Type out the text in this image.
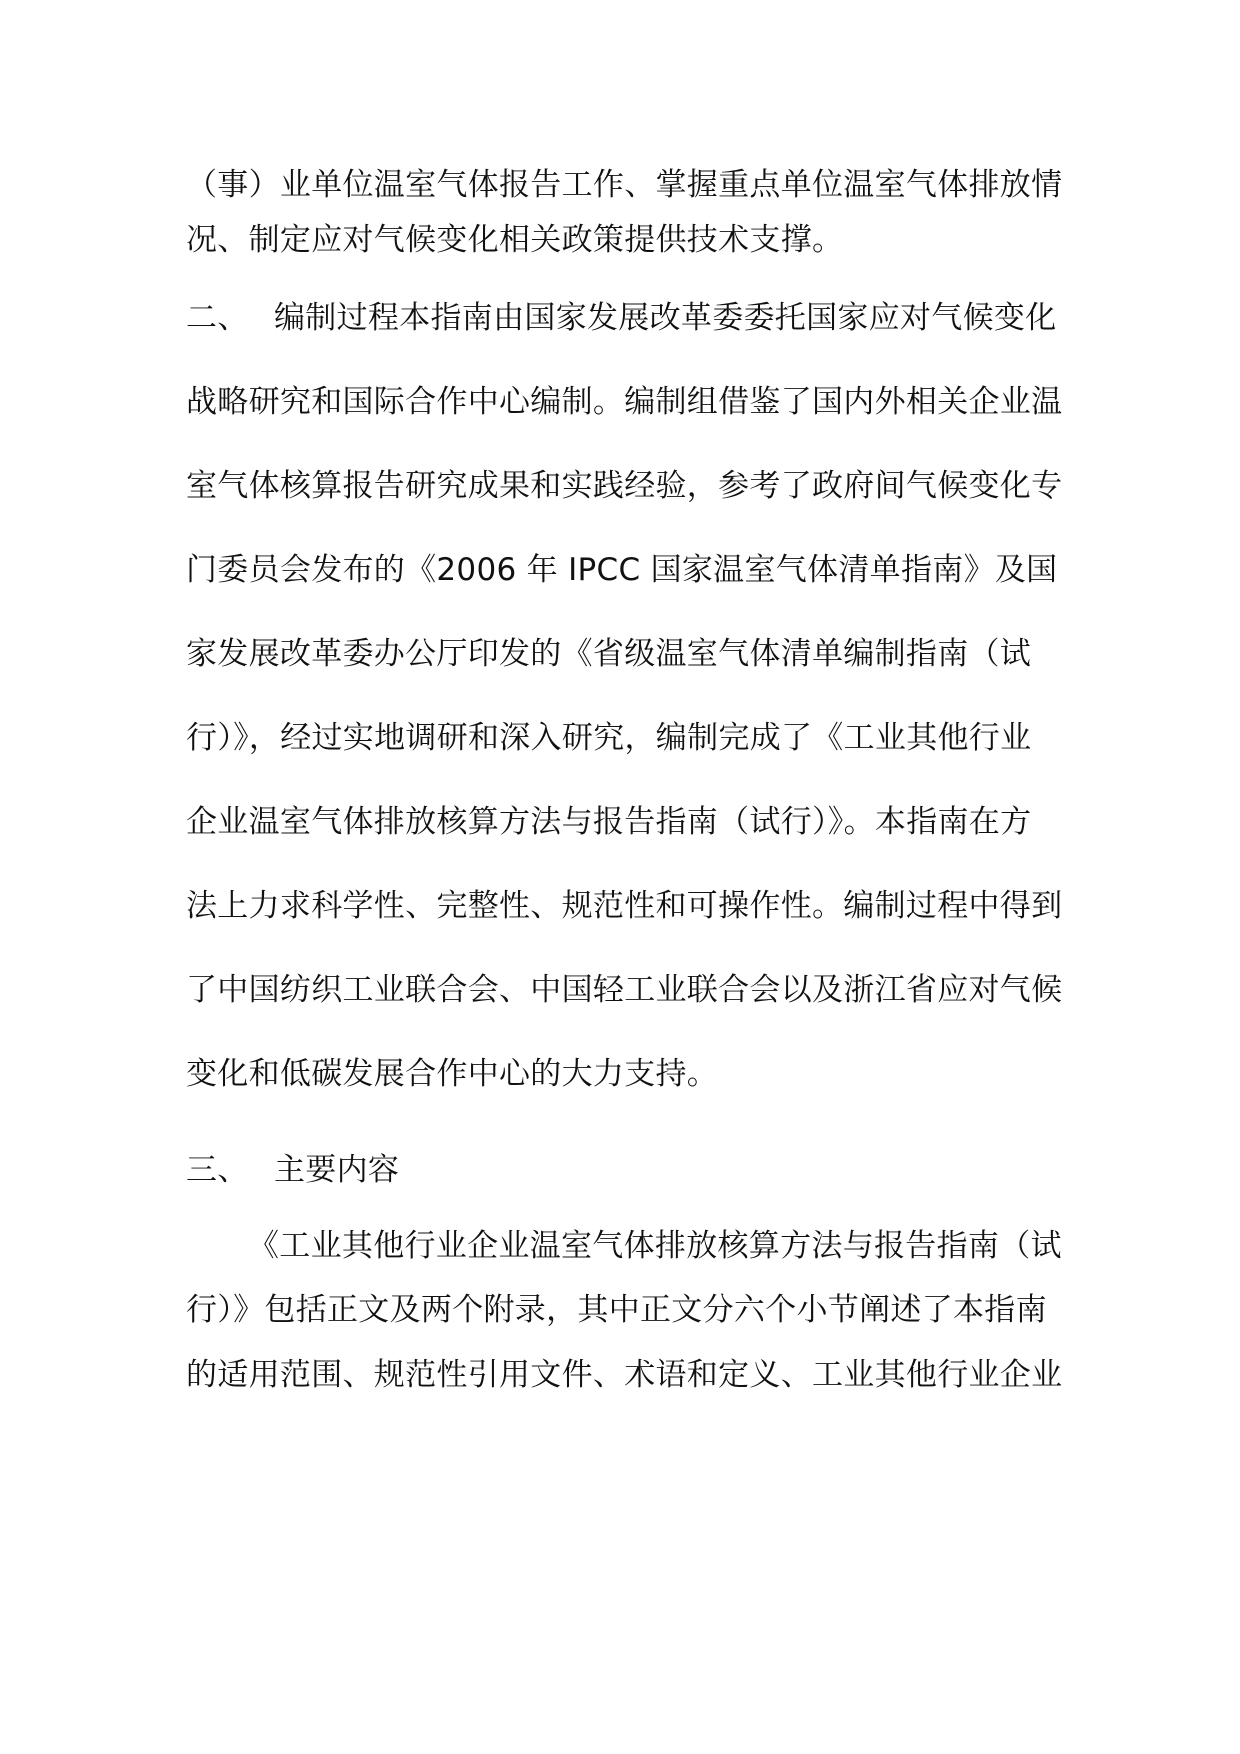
（事）业单位温室气体报告工作、掌握重点单位温室气体排放情
况、制定应对气候变化相关政策提供技术支撑。
二、 编制过程本指南由国家发展改革委委托国家应对气候变化
战略研究和国际合作中心编制。编制组借鉴了国内外相关企业温
室气体核算报告研究成果和实践经验，参考了政府间气候变化专
门委员会发布的《2006 年 IPCC 国家温室气体清单指南》及国
家发展改革委办公厅印发的《省级温室气体清单编制指南（试
行）》，经过实地调研和深入研究，编制完成了《工业其他行业
企业温室气体排放核算方法与报告指南（试行）》。本指南在方
法上力求科学性、完整性、规范性和可操作性。编制过程中得到
了中国纺织工业联合会、中国轻工业联合会以及浙江省应对气候
变化和低碳发展合作中心的大力支持。
三、 主要内容
《工业其他行业企业温室气体排放核算方法与报告指南（试
行）》包括正文及两个附录，其中正文分六个小节阐述了本指南
的适用范围、规范性引用文件、术语和定义、工业其他行业企业
